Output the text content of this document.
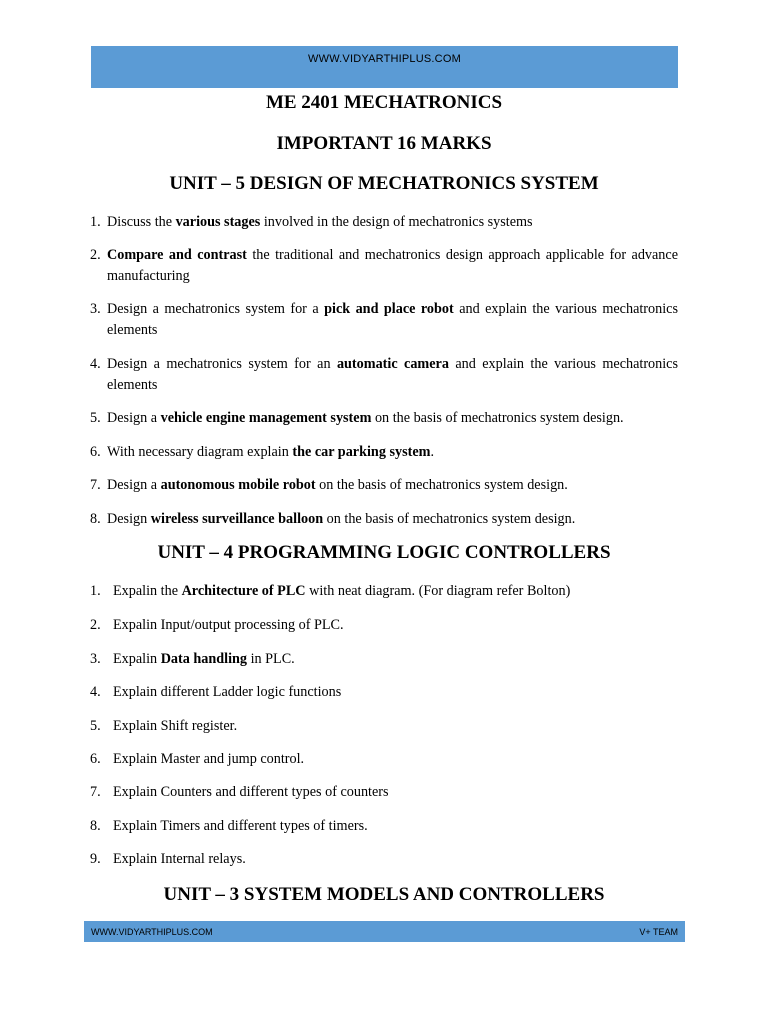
WWW.VIDYARTHIPLUS.COM
ME 2401 MECHATRONICS
IMPORTANT 16 MARKS
UNIT – 5 DESIGN OF MECHATRONICS SYSTEM
1. Discuss the various stages involved in the design of mechatronics systems
2. Compare and contrast the traditional and mechatronics design approach applicable for advance manufacturing
3. Design a mechatronics system for a pick and place robot and explain the various mechatronics elements
4. Design a mechatronics system for an automatic camera and explain the various mechatronics elements
5. Design a vehicle engine management system on the basis of mechatronics system design.
6. With necessary diagram explain the car parking system.
7. Design a autonomous mobile robot on the basis of mechatronics system design.
8. Design wireless surveillance balloon on the basis of mechatronics system design.
UNIT – 4 PROGRAMMING LOGIC CONTROLLERS
1. Expalin the Architecture of PLC with neat diagram. (For diagram refer Bolton)
2. Expalin Input/output processing of PLC.
3. Expalin Data handling in PLC.
4. Explain different Ladder logic functions
5. Explain Shift register.
6. Explain Master and jump control.
7. Explain Counters and different types of counters
8. Explain Timers and different types of timers.
9. Explain Internal relays.
UNIT – 3 SYSTEM MODELS AND CONTROLLERS
WWW.VIDYARTHIPLUS.COM	V+ TEAM
